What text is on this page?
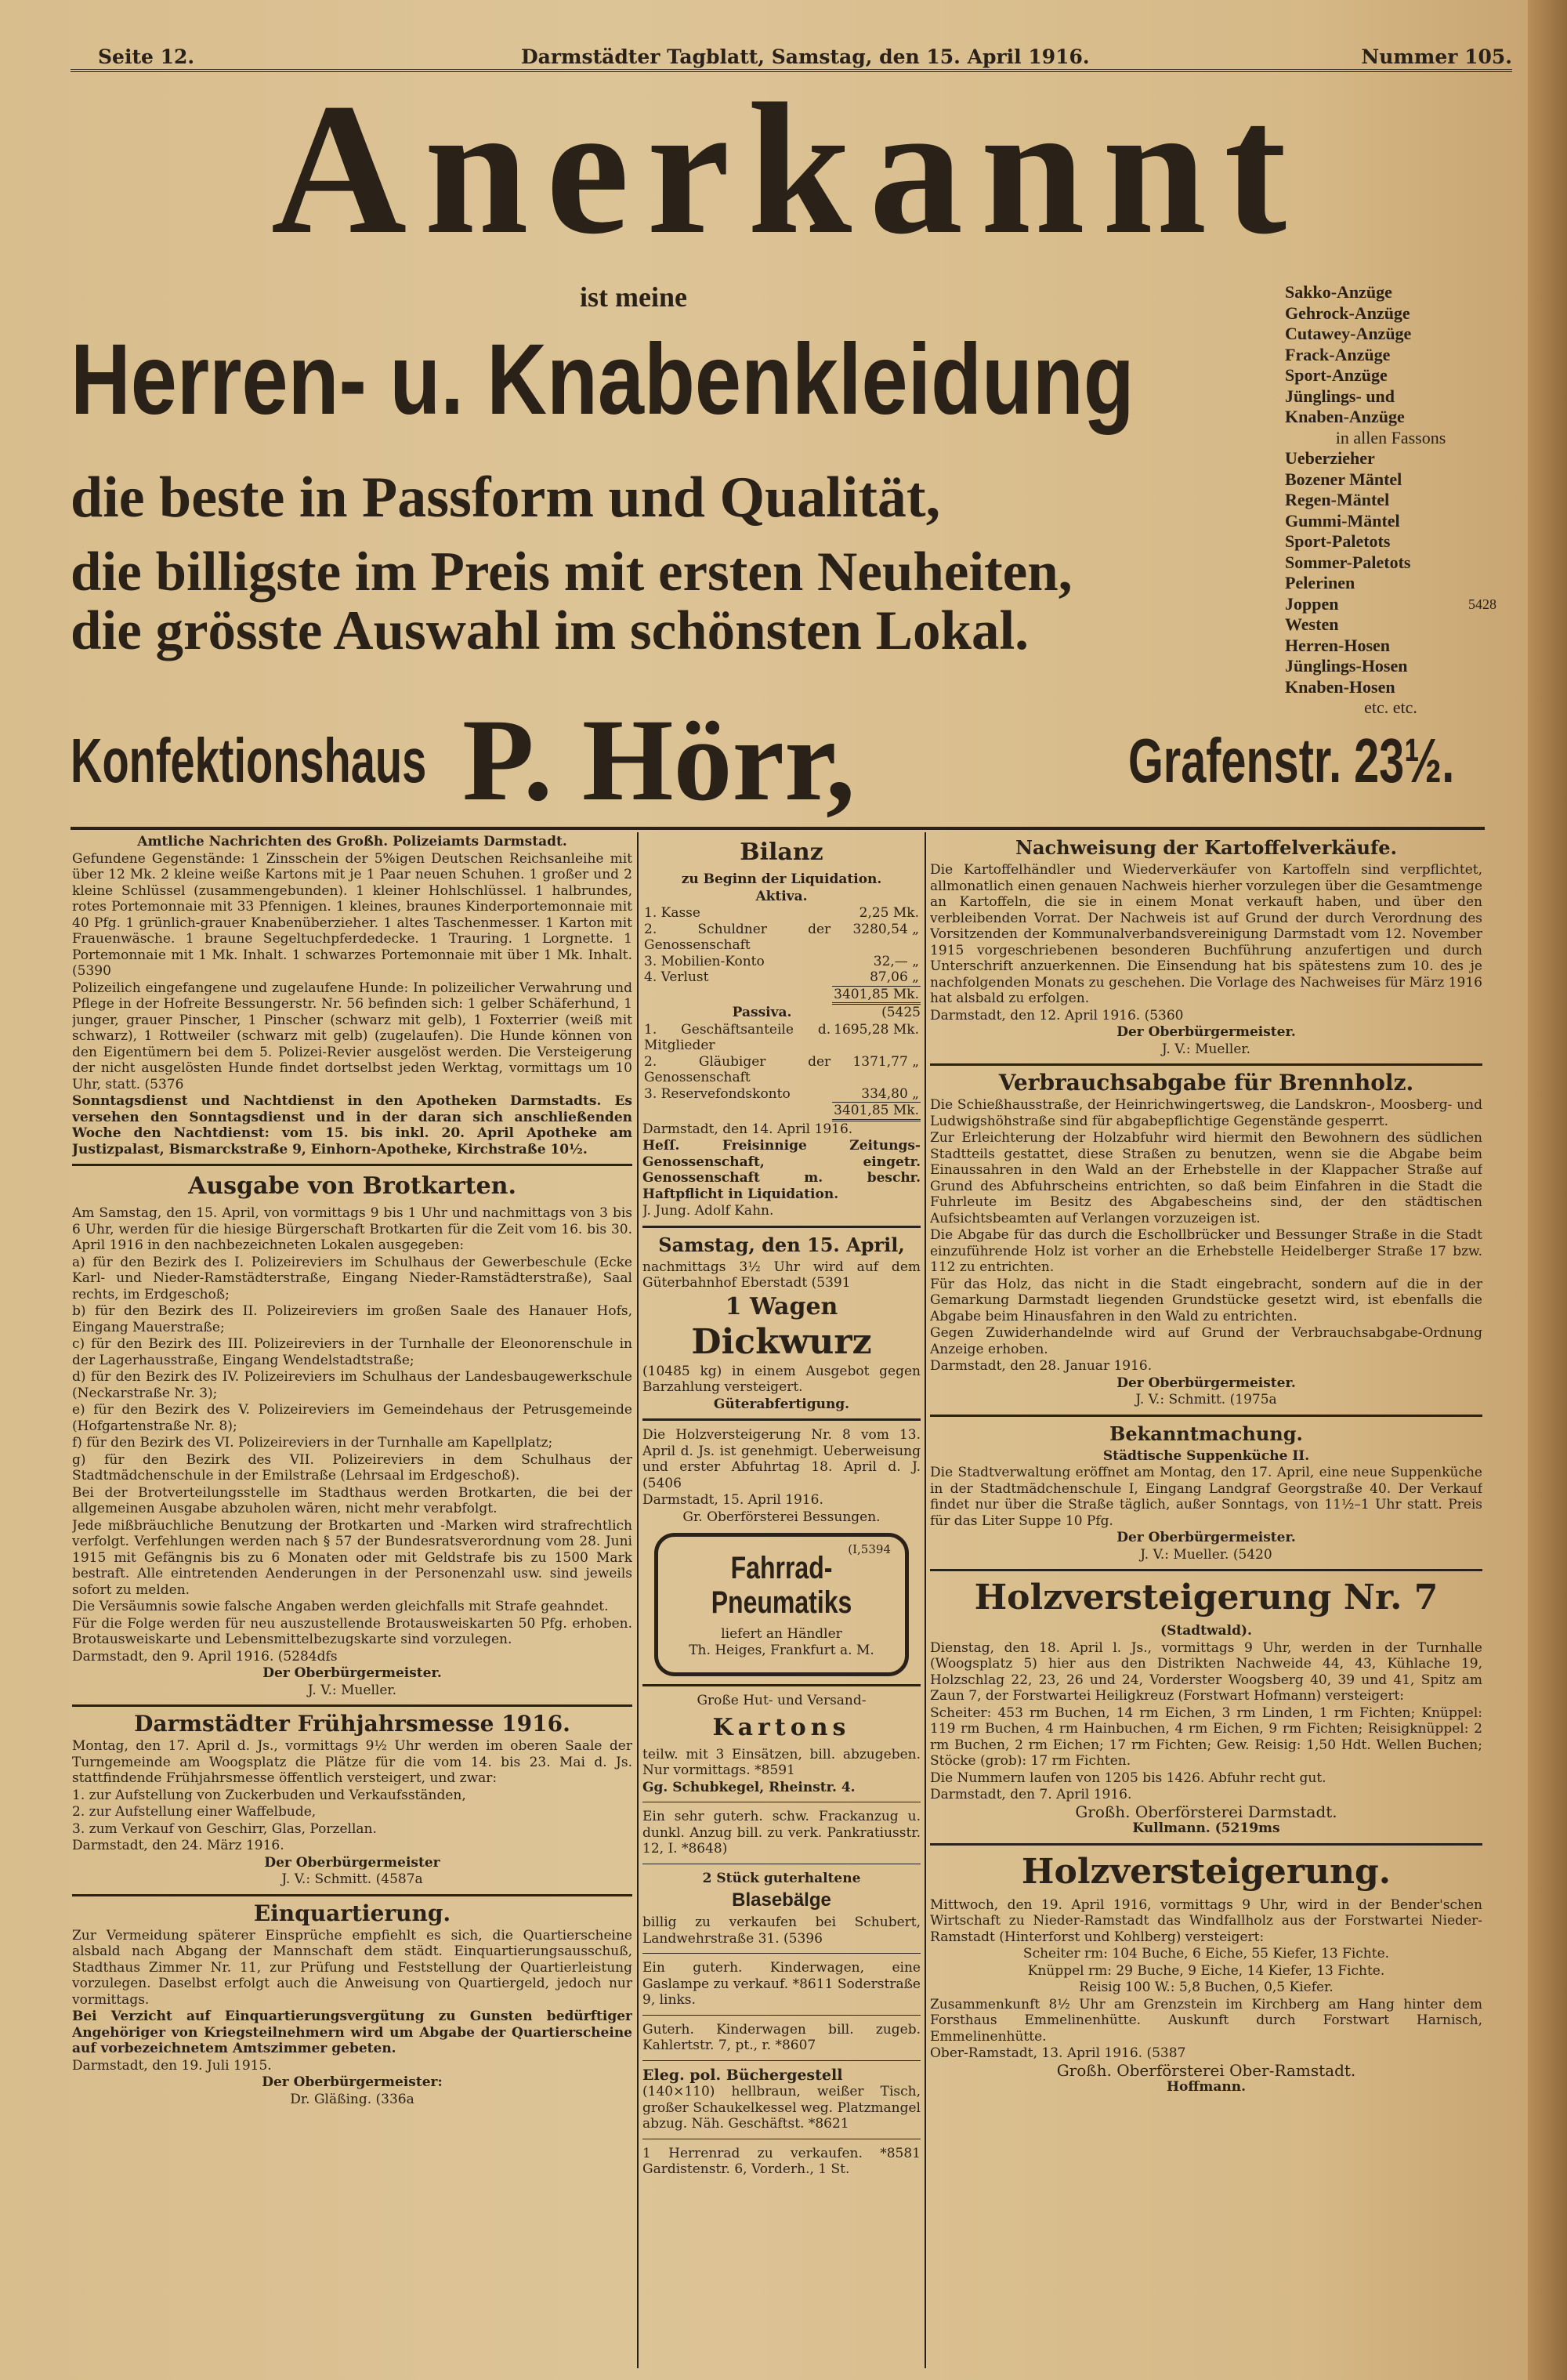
Seite 12.	Darmstädter Tagblatt, Samstag, den 15. April 1916.	Nummer 105.
Anerkannt
ist meine
Herren- u. Knabenkleidung
die beste in Passform und Qualität,
die billigste im Preis mit ersten Neuheiten,
die grösste Auswahl im schönsten Lokal.
Konfektionshaus P. Hörr,	Grafenstr. 23½.
Sakko-Anzüge
Gehrock-Anzüge
Cutawey-Anzüge
Frack-Anzüge
Sport-Anzüge
Jünglings- und
Knaben-Anzüge
in allen Fassons
Ueberzieher
Bozener Mäntel
Regen-Mäntel
Gummi-Mäntel
Sport-Paletots
Sommer-Paletots
Pelerinen
Joppen	5428
Westen
Herren-Hosen
Jünglings-Hosen
Knaben-Hosen
etc. etc.

Amtliche Nachrichten des Großh. Polizeiamts Darmstadt.

Gefundene Gegenstände: 1 Zinsschein der 5%igen Deutschen Reichsanleihe mit über 12 Mk. 2 kleine weiße Kartons mit je 1 Paar neuen Schuhen. 1 großer und 2 kleine Schlüssel (zusammengebunden). 1 kleiner Hohlschlüssel. 1 halbrundes, rotes Portemonnaie mit 33 Pfennigen. 1 kleines, braunes Kinderportemonnaie mit 40 Pfg. 1 grünlich-grauer Knabenüberzieher. 1 altes Taschenmesser. 1 Karton mit Frauenwäsche. 1 braune Segeltuchpferdedecke. 1 Trauring. 1 Lorgnette. 1 Portemonnaie mit 1 Mk. Inhalt. 1 schwarzes Portemonnaie mit über 1 Mk. Inhalt. (5390

Polizeilich eingefangene und zugelaufene Hunde: In polizeilicher Verwahrung und Pflege in der Hofreite Bessungerstr. Nr. 56 befinden sich: 1 gelber Schäferhund, 1 junger, grauer Pinscher, 1 Pinscher (schwarz mit gelb), 1 Foxterrier (weiß mit schwarz), 1 Rottweiler (schwarz mit gelb) (zugelaufen). Die Hunde können von den Eigentümern bei dem 5. Polizei-Revier ausgelöst werden. Die Versteigerung der nicht ausgelösten Hunde findet dortselbst jeden Werktag, vormittags um 10 Uhr, statt. (5376

Sonntagsdienst und Nachtdienst in den Apotheken Darmstadts. Es versehen den Sonntagsdienst und in der daran sich anschließenden Woche den Nachtdienst: vom 15. bis inkl. 20. April Apotheke am Justizpalast, Bismarckstraße 9, Einhorn-Apotheke, Kirchstraße 10½.

Ausgabe von Brotkarten.

Am Samstag, den 15. April, von vormittags 9 bis 1 Uhr und nachmittags von 3 bis 6 Uhr, werden für die hiesige Bürgerschaft Brotkarten für die Zeit vom 16. bis 30. April 1916 in den nachbezeichneten Lokalen ausgegeben:

a) für den Bezirk des I. Polizeireviers im Schulhaus der Gewerbeschule (Ecke Karl- und Nieder-Ramstädterstraße, Eingang Nieder-Ramstädterstraße), Saal rechts, im Erdgeschoß;

b) für den Bezirk des II. Polizeireviers im großen Saale des Hanauer Hofs, Eingang Mauerstraße;

c) für den Bezirk des III. Polizeireviers in der Turnhalle der Eleonorenschule in der Lagerhausstraße, Eingang Wendelstadtstraße;

d) für den Bezirk des IV. Polizeireviers im Schulhaus der Landesbaugewerkschule (Neckarstraße Nr. 3);

e) für den Bezirk des V. Polizeireviers im Gemeindehaus der Petrusgemeinde (Hofgartenstraße Nr. 8);

f) für den Bezirk des VI. Polizeireviers in der Turnhalle am Kapellplatz;

g) für den Bezirk des VII. Polizeireviers in dem Schulhaus der Stadtmädchenschule in der Emilstraße (Lehrsaal im Erdgeschoß).

Bei der Brotverteilungsstelle im Stadthaus werden Brotkarten, die bei der allgemeinen Ausgabe abzuholen wären, nicht mehr verabfolgt.

Jede mißbräuchliche Benutzung der Brotkarten und -Marken wird strafrechtlich verfolgt. Verfehlungen werden nach § 57 der Bundesratsverordnung vom 28. Juni 1915 mit Gefängnis bis zu 6 Monaten oder mit Geldstrafe bis zu 1500 Mark bestraft. Alle eintretenden Aenderungen in der Personenzahl usw. sind jeweils sofort zu melden.

Die Versäumnis sowie falsche Angaben werden gleichfalls mit Strafe geahndet.

Für die Folge werden für neu auszustellende Brotausweiskarten 50 Pfg. erhoben. Brotausweiskarte und Lebensmittelbezugskarte sind vorzulegen.

Darmstadt, den 9. April 1916. (5284dfs

Der Oberbürgermeister.

J. V.: Mueller.

Darmstädter Frühjahrsmesse 1916.

Montag, den 17. April d. Js., vormittags 9½ Uhr werden im oberen Saale der Turngemeinde am Woogsplatz die Plätze für die vom 14. bis 23. Mai d. Js. stattfindende Frühjahrsmesse öffentlich versteigert, und zwar:

1. zur Aufstellung von Zuckerbuden und Verkaufsständen,

2. zur Aufstellung einer Waffelbude,

3. zum Verkauf von Geschirr, Glas, Porzellan.

Darmstadt, den 24. März 1916.

Der Oberbürgermeister

J. V.: Schmitt. (4587a

Einquartierung.

Zur Vermeidung späterer Einsprüche empfiehlt es sich, die Quartierscheine alsbald nach Abgang der Mannschaft dem städt. Einquartierungsausschuß, Stadthaus Zimmer Nr. 11, zur Prüfung und Feststellung der Quartierleistung vorzulegen. Daselbst erfolgt auch die Anweisung von Quartiergeld, jedoch nur vormittags.

Bei Verzicht auf Einquartierungsvergütung zu Gunsten bedürftiger Angehöriger von Kriegsteilnehmern wird um Abgabe der Quartierscheine auf vorbezeichnetem Amtszimmer gebeten.

Darmstadt, den 19. Juli 1915.

Der Oberbürgermeister:

Dr. Gläßing. (336a

Bilanz

zu Beginn der Liquidation.

Aktiva.

1. Kasse	2,25 Mk.
2. Schuldner der Genossenschaft	3280,54 „
3. Mobilien-Konto	32,— „
4. Verlust	87,06 „
	3401,85 Mk.

Passiva.	(5425

1. Geschäftsanteile d. Mitglieder	1695,28 Mk.
2. Gläubiger der Genossenschaft	1371,77 „
3. Reservefondskonto	334,80 „
	3401,85 Mk.

Darmstadt, den 14. April 1916.

Heſſ. Freisinnige Zeitungs-Genossenschaft, eingetr. Genossenschaft m. beschr. Haftpflicht in Liquidation.

J. Jung. Adolf Kahn.

Samstag, den 15. April,

nachmittags 3½ Uhr wird auf dem Güterbahnhof Eberstadt (5391

1 Wagen

Dickwurz

(10485 kg) in einem Ausgebot gegen Barzahlung versteigert.

Güterabfertigung.

Die Holzversteigerung Nr. 8 vom 13. April d. Js. ist genehmigt. Ueberweisung und erster Abfuhrtag 18. April d. J. (5406

Darmstadt, 15. April 1916.

Gr. Oberförsterei Bessungen.

(I,5394
Fahrrad-
Pneumatiks
liefert an Händler
Th. Heiges, Frankfurt a. M.

Große Hut- und Versand-

Kartons

teilw. mit 3 Einsätzen, bill. abzugeben. Nur vormittags. *8591

Gg. Schubkegel, Rheinstr. 4.

Ein sehr guterh. schw. Frackanzug u. dunkl. Anzug bill. zu verk. Pankratiusstr. 12, I. *8648)

2 Stück guterhaltene

Blasebälge

billig zu verkaufen bei Schubert, Landwehrstraße 31. (5396

Ein guterh. Kinderwagen, eine Gaslampe zu verkauf. *8611 Soderstraße 9, links.

Guterh. Kinderwagen bill. zugeb. Kahlertstr. 7, pt., r. *8607

Eleg. pol. Büchergestell

(140×110) hellbraun, weißer Tisch, großer Schaukelkessel weg. Platzmangel abzug. Näh. Geschäftst. *8621

1 Herrenrad zu verkaufen. *8581 Gardistenstr. 6, Vorderh., 1 St.

Nachweisung der Kartoffelverkäufe.

Die Kartoffelhändler und Wiederverkäufer von Kartoffeln sind verpflichtet, allmonatlich einen genauen Nachweis hierher vorzulegen über die Gesamtmenge an Kartoffeln, die sie in einem Monat verkauft haben, und über den verbleibenden Vorrat. Der Nachweis ist auf Grund der durch Verordnung des Vorsitzenden der Kommunalverbandsvereinigung Darmstadt vom 12. November 1915 vorgeschriebenen besonderen Buchführung anzufertigen und durch Unterschrift anzuerkennen. Die Einsendung hat bis spätestens zum 10. des je nachfolgenden Monats zu geschehen. Die Vorlage des Nachweises für März 1916 hat alsbald zu erfolgen.

Darmstadt, den 12. April 1916. (5360

Der Oberbürgermeister.

J. V.: Mueller.

Verbrauchsabgabe für Brennholz.

Die Schießhausstraße, der Heinrichwingertsweg, die Landskron-, Moosberg- und Ludwigshöhstraße sind für abgabepflichtige Gegenstände gesperrt.

Zur Erleichterung der Holzabfuhr wird hiermit den Bewohnern des südlichen Stadtteils gestattet, diese Straßen zu benutzen, wenn sie die Abgabe beim Einaussahren in den Wald an der Erhebstelle in der Klappacher Straße auf Grund des Abfuhrscheins entrichten, so daß beim Einfahren in die Stadt die Fuhrleute im Besitz des Abgabescheins sind, der den städtischen Aufsichtsbeamten auf Verlangen vorzuzeigen ist.

Die Abgabe für das durch die Eschollbrücker und Bessunger Straße in die Stadt einzuführende Holz ist vorher an die Erhebstelle Heidelberger Straße 17 bzw. 112 zu entrichten.

Für das Holz, das nicht in die Stadt eingebracht, sondern auf die in der Gemarkung Darmstadt liegenden Grundstücke gesetzt wird, ist ebenfalls die Abgabe beim Hinausfahren in den Wald zu entrichten.

Gegen Zuwiderhandelnde wird auf Grund der Verbrauchsabgabe-Ordnung Anzeige erhoben.

Darmstadt, den 28. Januar 1916.

Der Oberbürgermeister.

J. V.: Schmitt. (1975a

Bekanntmachung.

Städtische Suppenküche II.

Die Stadtverwaltung eröffnet am Montag, den 17. April, eine neue Suppenküche in der Stadtmädchenschule I, Eingang Landgraf Georgstraße 40. Der Verkauf findet nur über die Straße täglich, außer Sonntags, von 11½–1 Uhr statt. Preis für das Liter Suppe 10 Pfg.

Der Oberbürgermeister.

J. V.: Mueller. (5420

Holzversteigerung Nr. 7

(Stadtwald).

Dienstag, den 18. April l. Js., vormittags 9 Uhr, werden in der Turnhalle (Woogsplatz 5) hier aus den Distrikten Nachweide 44, 43, Kühlache 19, Holzschlag 22, 23, 26 und 24, Vorderster Woogsberg 40, 39 und 41, Spitz am Zaun 7, der Forstwartei Heiligkreuz (Forstwart Hofmann) versteigert:

Scheiter: 453 rm Buchen, 14 rm Eichen, 3 rm Linden, 1 rm Fichten; Knüppel: 119 rm Buchen, 4 rm Hainbuchen, 4 rm Eichen, 9 rm Fichten; Reisigknüppel: 2 rm Buchen, 2 rm Eichen; 17 rm Fichten; Gew. Reisig: 1,50 Hdt. Wellen Buchen; Stöcke (grob): 17 rm Fichten.

Die Nummern laufen von 1205 bis 1426. Abfuhr recht gut.

Darmstadt, den 7. April 1916.

Großh. Oberförsterei Darmstadt.

Kullmann. (5219ms

Holzversteigerung.

Mittwoch, den 19. April 1916, vormittags 9 Uhr, wird in der Bender'schen Wirtschaft zu Nieder-Ramstadt das Windfallholz aus der Forstwartei Nieder-Ramstadt (Hinterforst und Kohlberg) versteigert:

Scheiter rm: 104 Buche, 6 Eiche, 55 Kiefer, 13 Fichte.

Knüppel rm: 29 Buche, 9 Eiche, 14 Kiefer, 13 Fichte.

Reisig 100 W.: 5,8 Buchen, 0,5 Kiefer.

Zusammenkunft 8½ Uhr am Grenzstein im Kirchberg am Hang hinter dem Forsthaus Emmelinenhütte. Auskunft durch Forstwart Harnisch, Emmelinenhütte.

Ober-Ramstadt, 13. April 1916. (5387

Großh. Oberförsterei Ober-Ramstadt.

Hoffmann.
